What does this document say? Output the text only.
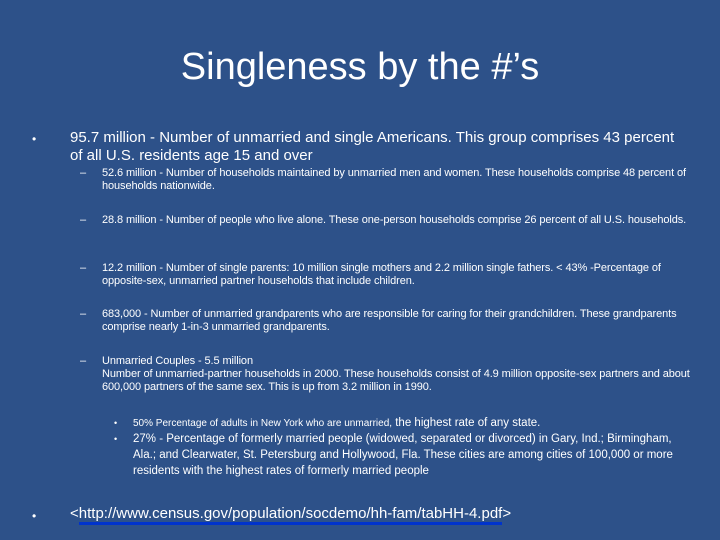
Singleness by the #’s
• 95.7 million - Number of unmarried and single Americans. This group comprises 43 percent of all U.S. residents age 15 and over
– 52.6 million - Number of households maintained by unmarried men and women. These households comprise 48 percent of households nationwide.
– 28.8 million - Number of people who live alone. These one-person households comprise 26 percent of all U.S. households.
– 12.2 million - Number of single parents: 10 million single mothers and 2.2 million single fathers. < 43% -Percentage of opposite-sex, unmarried partner households that include children.
– 683,000 - Number of unmarried grandparents who are responsible for caring for their grandchildren. These grandparents comprise nearly 1-in-3 unmarried grandparents.
– Unmarried Couples - 5.5 million
Number of unmarried-partner households in 2000. These households consist of 4.9 million opposite-sex partners and about 600,000 partners of the same sex. This is up from 3.2 million in 1990.
• 50% Percentage of adults in New York who are unmarried, the highest rate of any state.
• 27% - Percentage of formerly married people (widowed, separated or divorced) in Gary, Ind.; Birmingham, Ala.; and Clearwater, St. Petersburg and Hollywood, Fla. These cities are among cities of 100,000 or more residents with the highest rates of formerly married people
• <http://www.census.gov/population/socdemo/hh-fam/tabHH-4.pdf>
